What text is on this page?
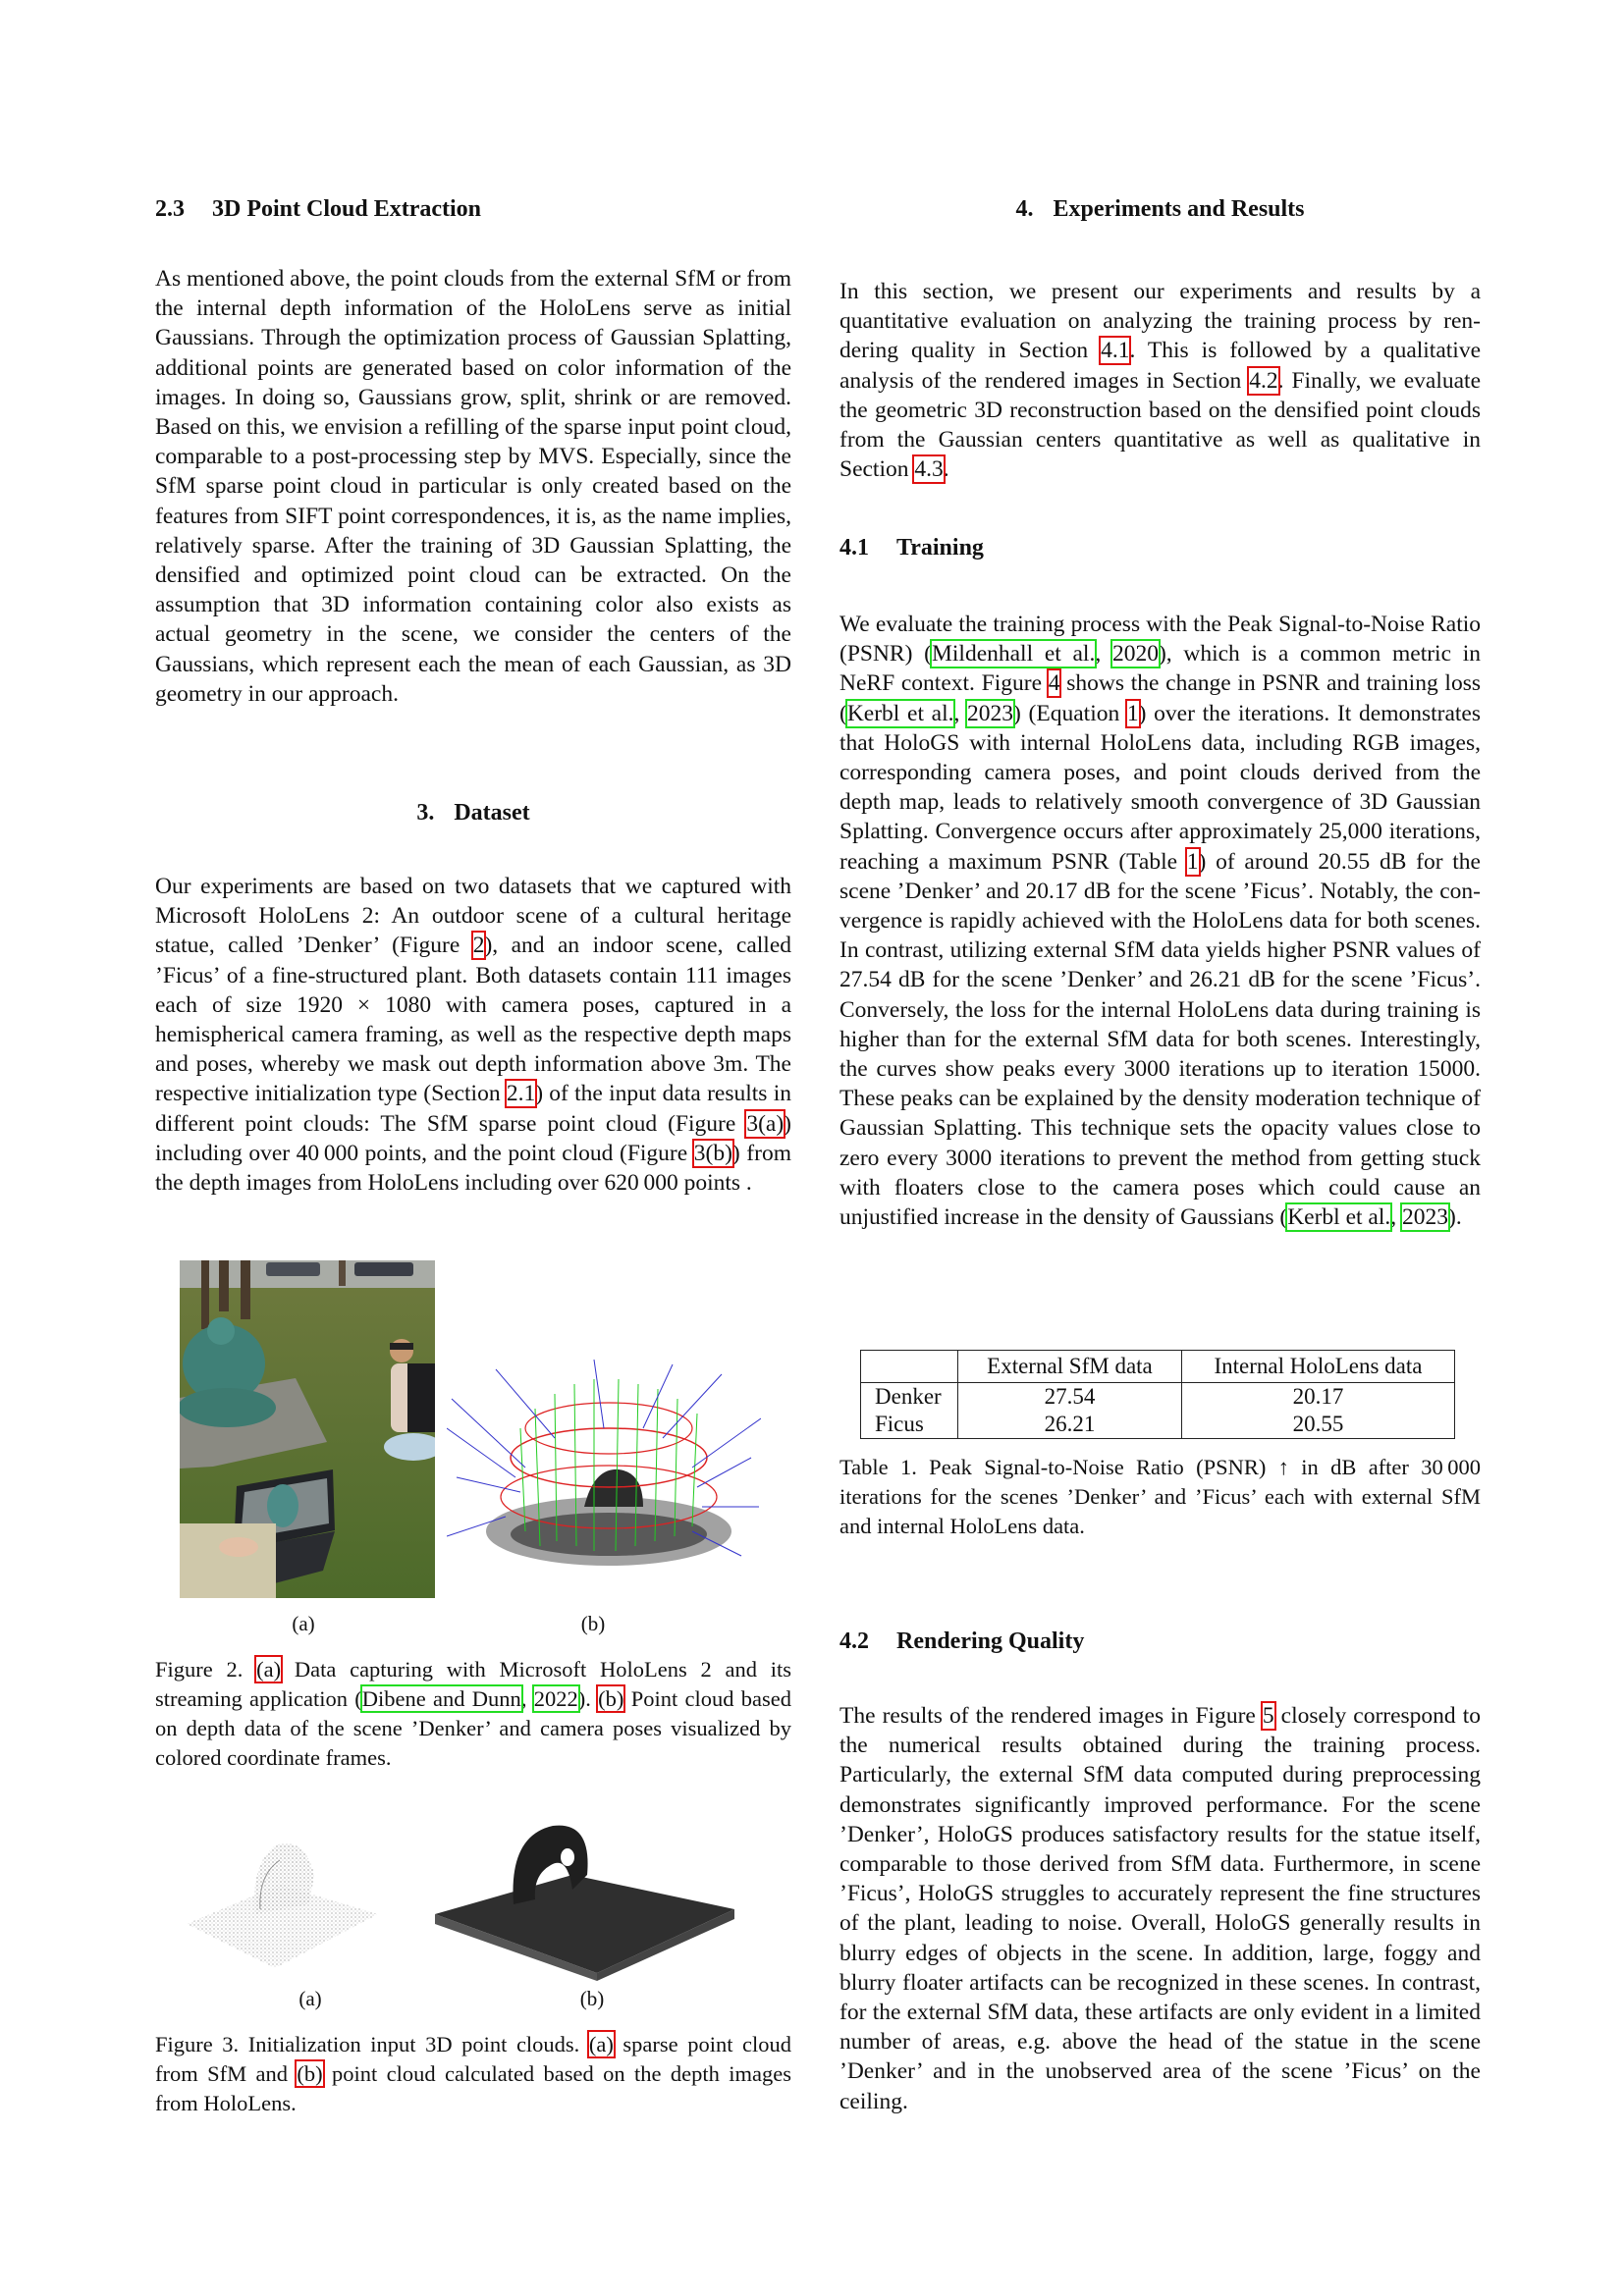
2.3 3D Point Cloud Extraction
As mentioned above, the point clouds from the external SfM or from the internal depth information of the HoloLens serve as initial Gaussians. Through the optimization process of Gaussian Splatting, additional points are generated based on color information of the images. In doing so, Gaussians grow, split, shrink or are removed. Based on this, we envision a refilling of the sparse input point cloud, comparable to a post-processing step by MVS. Especially, since the SfM sparse point cloud in particular is only created based on the features from SIFT point correspondences, it is, as the name implies, relatively sparse. After the training of 3D Gaussian Splatting, the densified and optimized point cloud can be extracted. On the assumption that 3D information containing color also exists as actual geometry in the scene, we consider the centers of the Gaussians, which represent each the mean of each Gaussian, as 3D geometry in our approach.
3. Dataset
Our experiments are based on two datasets that we captured with Microsoft HoloLens 2: An outdoor scene of a cultural heritage statue, called ’Denker’ (Figure 2), and an indoor scene, called ’Ficus’ of a fine-structured plant. Both datasets contain 111 images each of size 1920 × 1080 with camera poses, captured in a hemispherical camera framing, as well as the respective depth maps and poses, whereby we mask out depth information above 3m. The respective initialization type (Section 2.1) of the input data results in different point clouds: The SfM sparse point cloud (Figure 3(a)) including over 40 000 points, and the point cloud (Figure 3(b)) from the depth images from HoloLens including over 620 000 points .
(a)	(b)
Figure 2. (a) Data capturing with Microsoft HoloLens 2 and its streaming application (Dibene and Dunn, 2022). (b) Point cloud based on depth data of the scene ’Denker’ and camera poses visualized by colored coordinate frames.
(a)	(b)
Figure 3. Initialization input 3D point clouds. (a) sparse point cloud from SfM and (b) point cloud calculated based on the depth images from HoloLens.
4. Experiments and Results
In this section, we present our experiments and results by a quantitative evaluation on analyzing the training process by rendering quality in Section 4.1. This is followed by a qualitative analysis of the rendered images in Section 4.2. Finally, we evaluate the geometric 3D reconstruction based on the densified point clouds from the Gaussian centers quantitative as well as qualitative in Section 4.3.
4.1 Training
We evaluate the training process with the Peak Signal-to-Noise Ratio (PSNR) (Mildenhall et al., 2020), which is a common metric in NeRF context. Figure 4 shows the change in PSNR and training loss (Kerbl et al., 2023) (Equation 1) over the iterations. It demonstrates that HoloGS with internal HoloLens data, including RGB images, corresponding camera poses, and point clouds derived from the depth map, leads to relatively smooth convergence of 3D Gaussian Splatting. Convergence occurs after approximately 25,000 iterations, reaching a maximum PSNR (Table 1) of around 20.55 dB for the scene ’Denker’ and 20.17 dB for the scene ’Ficus’. Notably, the convergence is rapidly achieved with the HoloLens data for both scenes. In contrast, utilizing external SfM data yields higher PSNR values of 27.54 dB for the scene ’Denker’ and 26.21 dB for the scene ’Ficus’. Conversely, the loss for the internal HoloLens data during training is higher than for the external SfM data for both scenes. Interestingly, the curves show peaks every 3000 iterations up to iteration 15000. These peaks can be explained by the density moderation technique of Gaussian Splatting. This technique sets the opacity values close to zero every 3000 iterations to prevent the method from getting stuck with floaters close to the camera poses which could cause an unjustified increase in the density of Gaussians (Kerbl et al., 2023).
	External SfM data	Internal HoloLens data
Denker	27.54	20.17
Ficus	26.21	20.55
Table 1. Peak Signal-to-Noise Ratio (PSNR) ↑ in dB after 30 000 iterations for the scenes ’Denker’ and ’Ficus’ each with external SfM and internal HoloLens data.
4.2 Rendering Quality
The results of the rendered images in Figure 5 closely correspond to the numerical results obtained during the training process. Particularly, the external SfM data computed during preprocessing demonstrates significantly improved performance. For the scene ’Denker’, HoloGS produces satisfactory results for the statue itself, comparable to those derived from SfM data. Furthermore, in scene ’Ficus’, HoloGS struggles to accurately represent the fine structures of the plant, leading to noise. Overall, HoloGS generally results in blurry edges of objects in the scene. In addition, large, foggy and blurry floater artifacts can be recognized in these scenes. In contrast, for the external SfM data, these artifacts are only evident in a limited number of areas, e.g. above the head of the statue in the scene ’Denker’ and in the unobserved area of the scene ’Ficus’ on the ceiling.
